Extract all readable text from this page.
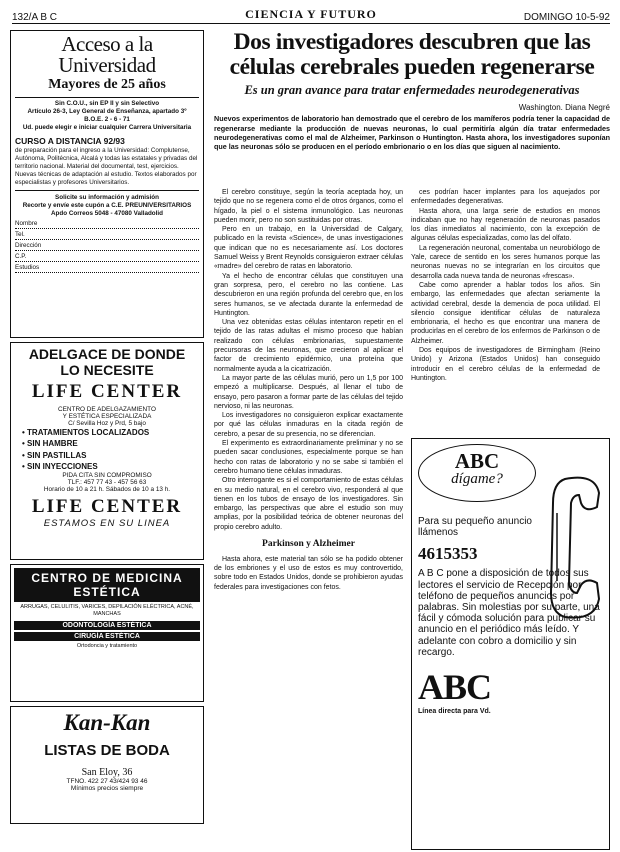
132/A B C	CIENCIA Y FUTURO	DOMINGO 10-5-92
Acceso a la Universidad
Mayores de 25 años
Sin C.O.U., sin EP II y sin Selectivo
Artículo 26-3, Ley General de Enseñanza, apartado 3º
B.O.E. 2 - 6 - 71
Ud. puede elegir e iniciar cualquier Carrera Universitaria
CURSO A DISTANCIA 92/93
de preparación para el ingreso a la Universidad: Complutense, Autónoma, Politécnica, Alcalá y todas las estatales y privadas del territorio nacional. Material del documental, test, ejercicios. Nuevas técnicas de adaptación al estudio. Textos elaborados por especialistas y profesores Universitarios.
Solicite su información y admisión
Recorte y envíe este cupón a C.E. PREUNIVERSITARIOS
Apdo Correos 5048 - 47080 Valladolid
Nombre
Tel.
Dirección
C.P.
Estudios
ADELGACE DE DONDE
LO NECESITE
LIFE CENTER
CENTRO DE ADELGAZAMIENTO
Y ESTÉTICA ESPECIALIZADA
C/ Sevilla Hoz y Prd, 5 bajo
• TRATAMIENTOS LOCALIZADOS
• SIN HAMBRE
• SIN PASTILLAS
• SIN INYECCIONES
PIDA CITA SIN COMPROMISO
TLF.: 457 77 43 - 457 56 63
Horario de 10 a 21 h. Sábados de 10 a 13 h.
LIFE CENTER
ESTAMOS EN SU LINEA
CENTRO DE MEDICINA ESTÉTICA
ARRUGAS, CELULITIS, VARICES, DEPILACIÓN ELÉCTRICA, ACNÉ, MANCHAS
ODONTOLOGÍA ESTÉTICA
CIRUGÍA ESTÉTICA
Ortodoncia y tratamiento
Kan-Kan
LISTAS DE BODA
San Eloy, 36
TFNO. 422 27 43/424 93 46
Mínimos precios siempre
Dos investigadores descubren que las células cerebrales pueden regenerarse
Es un gran avance para tratar enfermedades neurodegenerativas
Washington. Diana Negré
Nuevos experimentos de laboratorio han demostrado que el cerebro de los mamíferos podría tener la capacidad de regenerarse mediante la producción de nuevas neuronas, lo cual permitiría algún día tratar enfermedades neurodegenerativas como el mal de Alzheimer, Parkinson o Huntington. Hasta ahora, los investigadores suponían que las neuronas sólo se producen en el período embrionario o en los días que siguen al nacimiento.

El cerebro constituye, según la teoría aceptada hoy, un tejido que no se regenera como el de otros órganos, como el hígado, la piel o el sistema inmunológico. Las neuronas pueden morir, pero no son sustituidas por otras.

Pero en un trabajo, en la Universidad de Calgary, publicado en la revista «Science», de unas investigaciones que indican que no es necesariamente así. Los doctores Samuel Weiss y Brent Reynolds consiguieron extraer células «madre» del cerebro de ratas en laboratorio.

Ya el hecho de encontrar células que constituyen una gran sorpresa, pero, el cerebro no las contiene. Las descubrieron en una región profunda del cerebro que, en los seres humanos, se ve afectada durante la enfermedad de Huntington.

Una vez obtenidas estas células intentaron repetir en el tejido de las ratas adultas el mismo proceso que habían realizado con células embrionarias, supuestamente precursoras de las neuronas, que crecieron al aplicar el factor de crecimiento epidérmico, una proteína que normalmente ayuda a la cicatrización.

La mayor parte de las células murió, pero un 1,5 por 100 empezó a multiplicarse. Después, al llenar el tubo de ensayo, pero pasaron a formar parte de las células del tejido nervioso, ni las neuronas.

Los investigadores no consiguieron explicar exactamente por qué las células inmaduras en la citada región de cerebro, a pesar de su presencia, no se diferencian.

El experimento es extraordinariamente preliminar y no se pueden sacar conclusiones, especialmente porque se han hecho con ratas de laboratorio y no se sabe si también el cerebro humano tiene células inmaduras.

Otro interrogante es si el comportamiento de estas células en su medio natural, en el cerebro vivo, responderá al que tienen en los tubos de ensayo de los investigadores. Sin embargo, las perspectivas que abre el estudio son muy amplias, por la posibilidad teórica de obtener neuronas del propio cerebro adulto.

Parkinson y Alzheimer

Hasta ahora, este material tan sólo se ha podido obtener de los embriones y el uso de estos es muy controvertido, sobre todo en Estados Unidos, donde se prohibieron ayudas federales para investigaciones con fetos.

ces podrían hacer implantes para los aquejados por enfermedades degenerativas.

Hasta ahora, una larga serie de estudios en monos indicaban que no hay regeneración de neuronas pasados los días inmediatos al nacimiento, con la excepción de algunas células especializadas, como las del olfato.

La regeneración neuronal, comentaba un neurobiólogo de Yale, carece de sentido en los seres humanos porque las neuronas nuevas no se integrarían en los circuitos que desarrolla cada nueva tanda de neuronas «frescas».

Cabe como aprender a hablar todos los años. Sin embargo, las enfermedades que afectan seriamente la actividad cerebral, desde la demencia de poca utilidad. El silencio consigue identificar células de naturaleza embrionaria, el hecho es que encontrar una manera de producirlas en el cerebro de los enfermos de Parkinson o de Alzheimer.

Dos equipos de investigadores de Birmingham (Reino Unido) y Arizona (Estados Unidos) han conseguido introducir en el cerebro células de la enfermedad de Huntington.

ABC
dígame?
Para su pequeño anuncio llámenos
4615353
A B C pone a disposición de todos sus lectores el servicio de Recepción por teléfono de pequeños anuncios por palabras. Sin molestias por su parte, una fácil y cómoda solución para publicar su anuncio en el periódico más leído. Y adelante con cobro a domicilio y sin recargo.
ABC
Línea directa para Vd.
